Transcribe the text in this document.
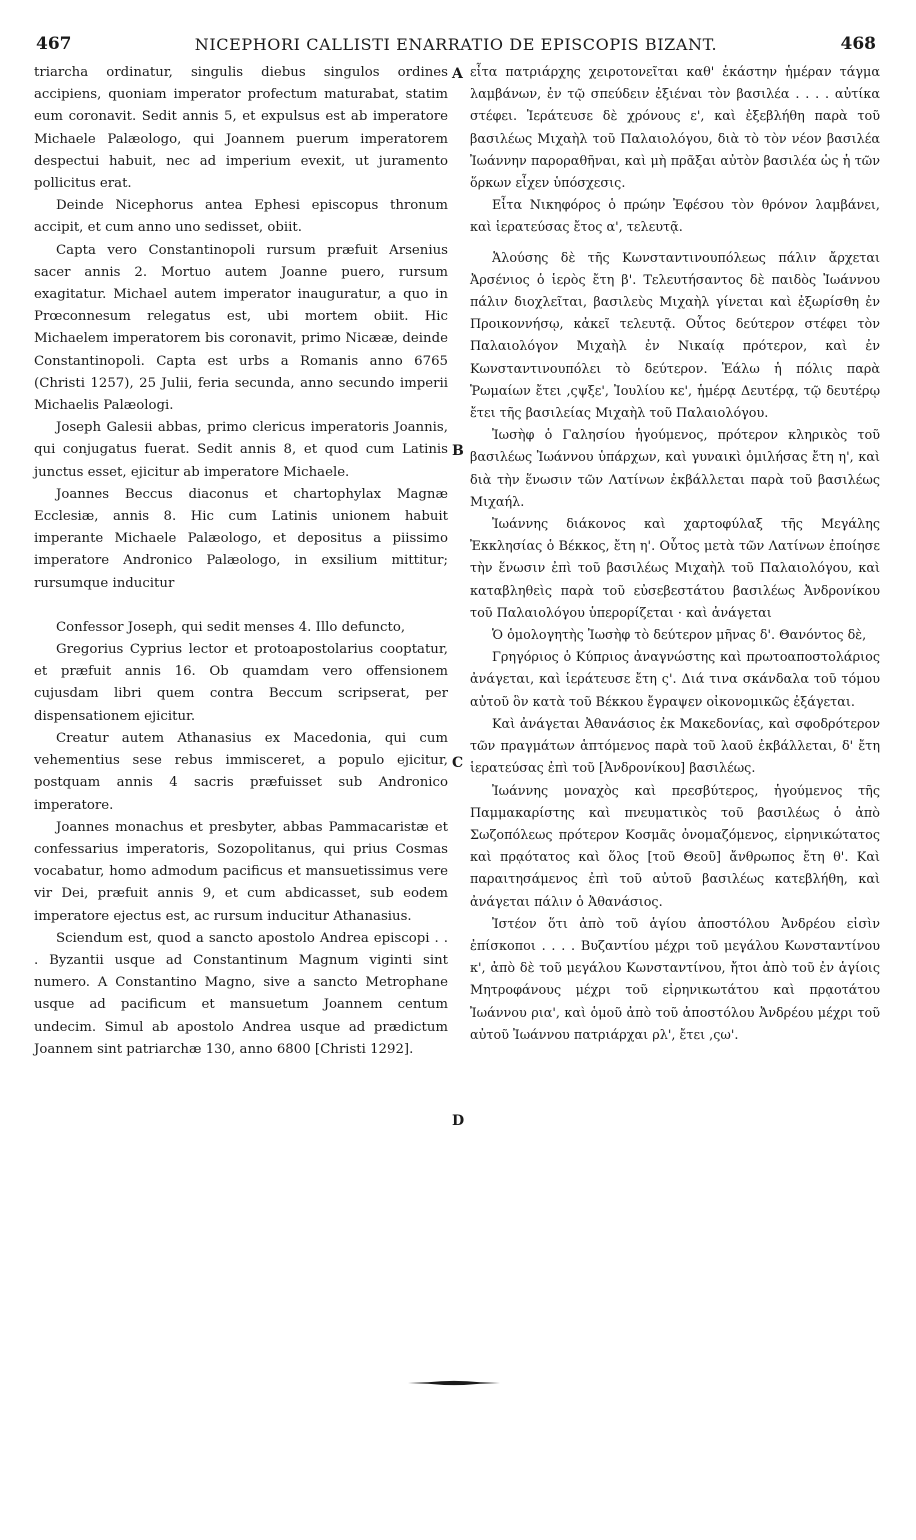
467	NICEPHORI CALLISTI ENARRATIO DE EPISCOPIS BIZANT.	468

triarcha ordinatur, singulis diebus singulos ordines accipiens, quoniam imperator profectum maturabat, statim eum coronavit. Sedit annis 5, et expulsus est ab imperatore Michaele Palæologo, qui Joannem puerum imperatorem despectui habuit, nec ad imperium evexit, ut juramento pollicitus erat.

Deinde Nicephorus antea Ephesi episcopus thronum accipit, et cum anno uno sedisset, obiit.

Capta vero Constantinopoli rursum præfuit Arsenius sacer annis 2. Mortuo autem Joanne puero, rursum exagitatur. Michael autem imperator inauguratur, a quo in Prœconnesum relegatus est, ubi mortem obiit. Hic Michaelem imperatorem bis coronavit, primo Nicææ, deinde Constantinopoli. Capta est urbs a Romanis anno 6765 (Christi 1257), 25 Julii, feria secunda, anno secundo imperii Michaelis Palæologi.

Joseph Galesii abbas, primo clericus imperatoris Joannis, qui conjugatus fuerat. Sedit annis 8, et quod cum Latinis junctus esset, ejicitur ab imperatore Michaele.

Joannes Beccus diaconus et chartophylax Magnæ Ecclesiæ, annis 8. Hic cum Latinis unionem habuit imperante Michaele Palæologo, et depositus a piissimo imperatore Andronico Palæologo, in exsilium mittitur; rursumque inducitur

Confessor Joseph, qui sedit menses 4. Illo defuncto,

Gregorius Cyprius lector et protoapostolarius cooptatur, et præfuit annis 16. Ob quamdam vero offensionem cujusdam libri quem contra Beccum scripserat, per dispensationem ejicitur.

Creatur autem Athanasius ex Macedonia, qui cum vehementius sese rebus immisceret, a populo ejicitur, postquam annis 4 sacris præfuisset sub Andronico imperatore.

Joannes monachus et presbyter, abbas Pammacaristæ et confessarius imperatoris, Sozopolitanus, qui prius Cosmas vocabatur, homo admodum pacificus et mansuetissimus vere vir Dei, præfuit annis 9, et cum abdicasset, sub eodem imperatore ejectus est, ac rursum inducitur Athanasius.

Sciendum est, quod a sancto apostolo Andrea episcopi . . . Byzantii usque ad Constantinum Magnum viginti sint numero. A Constantino Magno, sive a sancto Metrophane usque ad pacificum et mansuetum Joannem centum undecim. Simul ab apostolo Andrea usque ad prædictum Joannem sint patriarchæ 130, anno 6800 [Christi 1292].

εἶτα πατριάρχης χειροτονεῖται καθ' ἑκάστην ἡμέραν τάγμα λαμβάνων, ἐν τῷ σπεύδειν ἐξιέναι τὸν βασιλέα . . . . αὐτίκα στέφει. Ἱεράτευσε δὲ χρόνους ε', καὶ ἐξεβλήθη παρὰ τοῦ βασιλέως Μιχαὴλ τοῦ Παλαιολόγου, διὰ τὸ τὸν νέον βασιλέα Ἰωάννην παροραθῆναι, καὶ μὴ πρᾶξαι αὐτὸν βασιλέα ὡς ἡ τῶν ὅρκων εἶχεν ὑπόσχεσις.

Εἶτα Νικηφόρος ὁ πρώην Ἐφέσου τὸν θρόνον λαμβάνει, καὶ ἱερατεύσας ἔτος α', τελευτᾷ.

Ἁλούσης δὲ τῆς Κωνσταντινουπόλεως πάλιν ἄρχεται Ἀρσένιος ὁ ἱερὸς ἔτη β'. Τελευτήσαντος δὲ παιδὸς Ἰωάννου πάλιν διοχλεῖται, βασιλεὺς Μιχαὴλ γίνεται καὶ ἐξωρίσθη ἐν Προικοννήσῳ, κἀκεῖ τελευτᾷ. Οὗτος δεύτερον στέφει τὸν Παλαιολόγον Μιχαὴλ ἐν Νικαίᾳ πρότερον, καὶ ἐν Κωνσταντινουπόλει τὸ δεύτερον. Ἑάλω ἡ πόλις παρὰ Ῥωμαίων ἔτει ,ςψξε', Ἰουλίου κε', ἡμέρᾳ Δευτέρᾳ, τῷ δευτέρῳ ἔτει τῆς βασιλείας Μιχαὴλ τοῦ Παλαιολόγου.

Ἰωσὴφ ὁ Γαλησίου ἡγούμενος, πρότερον κληρικὸς τοῦ βασιλέως Ἰωάννου ὑπάρχων, καὶ γυναικὶ ὁμιλήσας ἔτη η', καὶ διὰ τὴν ἕνωσιν τῶν Λατίνων ἐκβάλλεται παρὰ τοῦ βασιλέως Μιχαήλ.

Ἰωάννης διάκονος καὶ χαρτοφύλαξ τῆς Μεγάλης Ἐκκλησίας ὁ Βέκκος, ἔτη η'. Οὗτος μετὰ τῶν Λατίνων ἐποίησε τὴν ἕνωσιν ἐπὶ τοῦ βασιλέως Μιχαὴλ τοῦ Παλαιολόγου, καὶ καταβληθεὶς παρὰ τοῦ εὐσεβεστάτου βασιλέως Ἀνδρονίκου τοῦ Παλαιολόγου ὑπερορίζεται · καὶ ἀνάγεται

Ὁ ὁμολογητὴς Ἰωσὴφ τὸ δεύτερον μῆνας δ'. Θανόντος δὲ,

Γρηγόριος ὁ Κύπριος ἀναγνώστης καὶ πρωτοαποστολάριος ἀνάγεται, καὶ ἱεράτευσε ἔτη ς'. Διά τινα σκάνδαλα τοῦ τόμου αὐτοῦ ὃν κατὰ τοῦ Βέκκου ἔγραψεν οἰκονομικῶς ἐξάγεται.

Καὶ ἀνάγεται Ἀθανάσιος ἐκ Μακεδονίας, καὶ σφοδρότερον τῶν πραγμάτων ἁπτόμενος παρὰ τοῦ λαοῦ ἐκβάλλεται, δ' ἔτη ἱερατεύσας ἐπὶ τοῦ [Ἀνδρονίκου] βασιλέως.

Ἰωάννης μοναχὸς καὶ πρεσβύτερος, ἡγούμενος τῆς Παμμακαρίστης καὶ πνευματικὸς τοῦ βασιλέως ὁ ἀπὸ Σωζοπόλεως πρότερον Κοσμᾶς ὀνομαζόμενος, εἰρηνικώτατος καὶ πρᾳότατος καὶ ὅλος [τοῦ Θεοῦ] ἄνθρωπος ἔτη θ'. Καὶ παραιτησάμενος ἐπὶ τοῦ αὐτοῦ βασιλέως κατεβλήθη, καὶ ἀνάγεται πάλιν ὁ Ἀθανάσιος.

Ἰστέον ὅτι ἀπὸ τοῦ ἁγίου ἀποστόλου Ἀνδρέου εἰσὶν ἐπίσκοποι . . . . Βυζαντίου μέχρι τοῦ μεγάλου Κωνσταντίνου κ', ἀπὸ δὲ τοῦ μεγάλου Κωνσταντίνου, ἤτοι ἀπὸ τοῦ ἐν ἁγίοις Μητροφάνους μέχρι τοῦ εἰρηνικωτάτου καὶ πρᾳοτάτου Ἰωάννου ρια', καὶ ὁμοῦ ἀπὸ τοῦ ἀποστόλου Ἀνδρέου μέχρι τοῦ αὐτοῦ Ἰωάννου πατριάρχαι ρλ', ἔτει ,ςω'.

A
B
C
D
